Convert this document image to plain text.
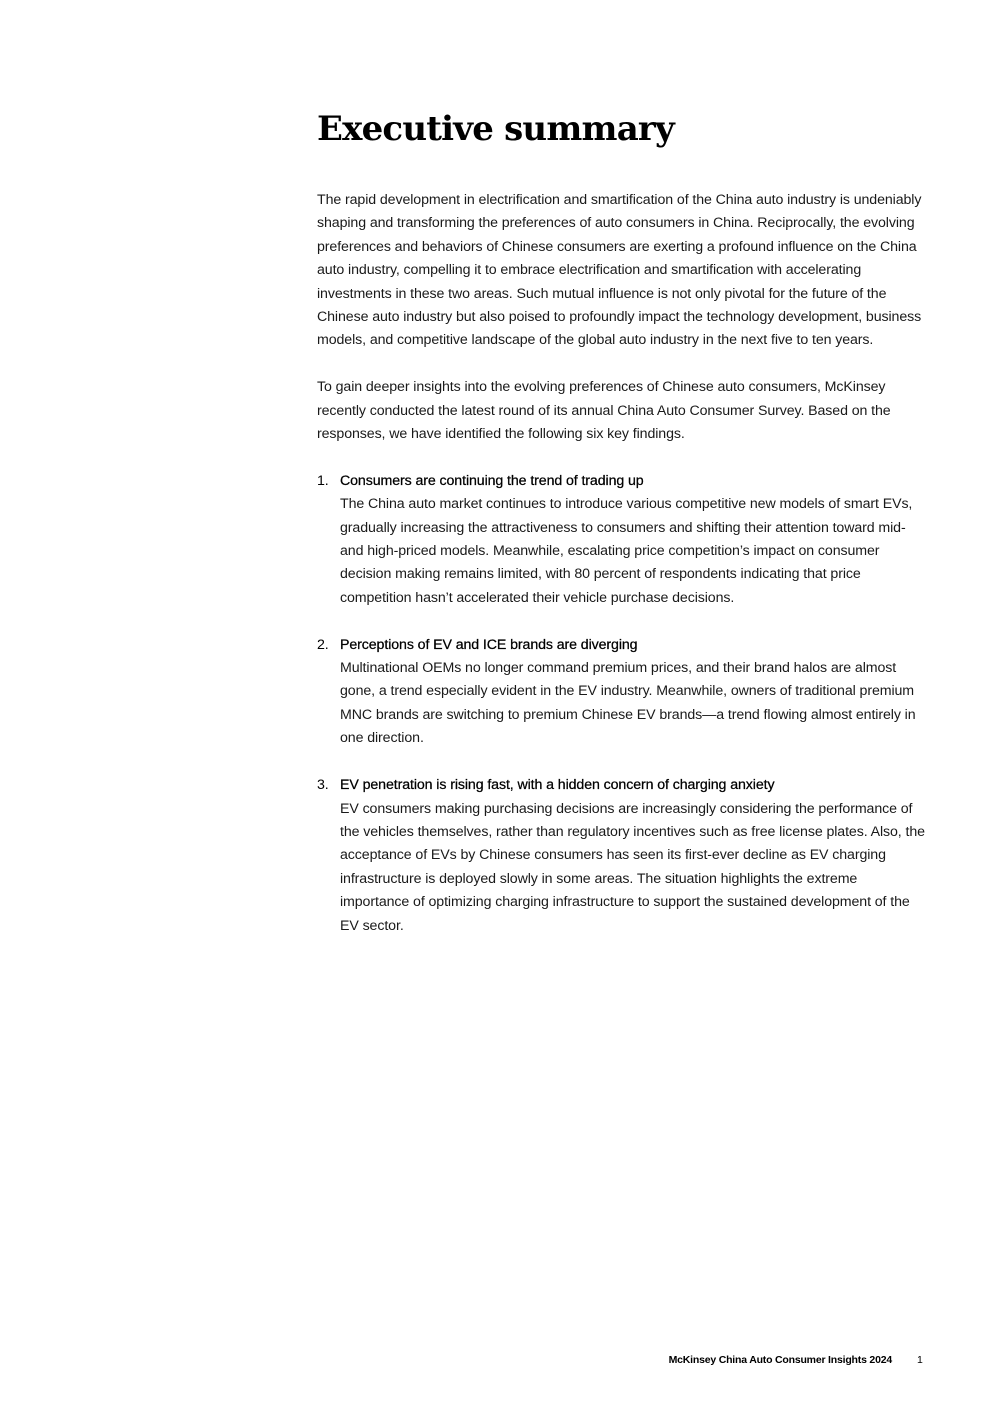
Executive summary

The rapid development in electrification and smartification of the China auto industry is undeniably shaping and transforming the preferences of auto consumers in China. Reciprocally, the evolving preferences and behaviors of Chinese consumers are exerting a profound influence on the China auto industry, compelling it to embrace electrification and smartification with accelerating investments in these two areas. Such mutual influence is not only pivotal for the future of the Chinese auto industry but also poised to profoundly impact the technology development, business models, and competitive landscape of the global auto industry in the next five to ten years.

To gain deeper insights into the evolving preferences of Chinese auto consumers, McKinsey recently conducted the latest round of its annual China Auto Consumer Survey. Based on the responses, we have identified the following six key findings.

1. Consumers are continuing the trend of trading up
The China auto market continues to introduce various competitive new models of smart EVs, gradually increasing the attractiveness to consumers and shifting their attention toward mid-and high-priced models. Meanwhile, escalating price competition’s impact on consumer decision making remains limited, with 80 percent of respondents indicating that price competition hasn’t accelerated their vehicle purchase decisions.
2. Perceptions of EV and ICE brands are diverging
Multinational OEMs no longer command premium prices, and their brand halos are almost gone, a trend especially evident in the EV industry. Meanwhile, owners of traditional premium MNC brands are switching to premium Chinese EV brands—a trend flowing almost entirely in one direction.
3. EV penetration is rising fast, with a hidden concern of charging anxiety
EV consumers making purchasing decisions are increasingly considering the performance of the vehicles themselves, rather than regulatory incentives such as free license plates. Also, the acceptance of EVs by Chinese consumers has seen its first-ever decline as EV charging infrastructure is deployed slowly in some areas. The situation highlights the extreme importance of optimizing charging infrastructure to support the sustained development of the EV sector.
McKinsey China Auto Consumer Insights 2024 1
